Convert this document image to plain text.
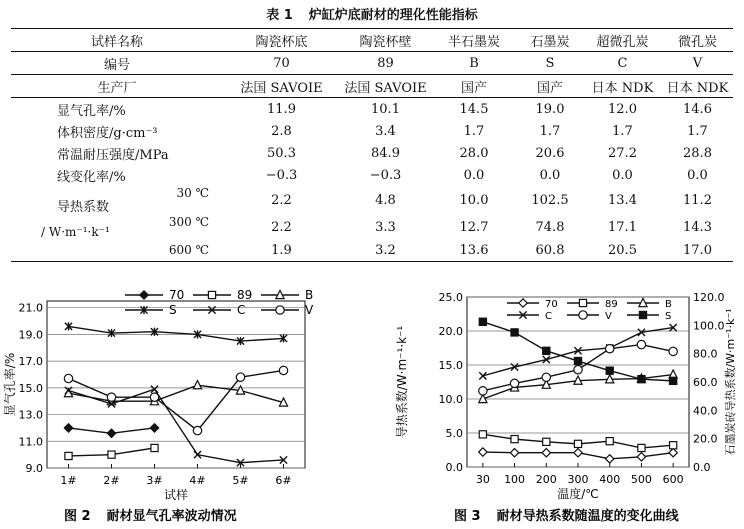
表 1 炉缸炉底耐材的理化性能指标
试样名称	陶瓷杯底	陶瓷杯壁	半石墨炭	石墨炭	超微孔炭	微孔炭
编号	70	89	B	S	C	V
生产厂	法国 SAVOIE	法国 SAVOIE	国产	国产	日本 NDK	日本 NDK
显气孔率/%	11.9	10.1	14.5	19.0	12.0	14.6
体积密度/g·cm⁻³	2.8	3.4	1.7	1.7	1.7	1.7
常温耐压强度/MPa	50.3	84.9	28.0	20.6	27.2	28.8
线变化率/%	−0.3	−0.3	0.0	0.0	0.0	0.0

导热系数
30 ℃	2.2	4.8	10.0	102.5	13.4	11.2

/ W·m⁻¹·k⁻¹
300 ℃	2.2	3.3	12.7	74.8	17.1	14.3
600 ℃	1.9	3.2	13.6	60.8	20.5	17.0
9.0
11.0
13.0
15.0
17.0
19.0
21.0
1# 2# 3# 4# 5# 6#
试样
显气孔率/%
70	89	B
S	C	V
图 2 耐材显气孔率波动情况
0.0
5.0
10.0
15.0
20.0
25.0
0.0
20.0
40.0
60.0
80.0
100.0
120.0
30 100 200 300 400 500 600
温度/℃
导热系数/W·m⁻¹·k⁻¹	石墨炭砖导热系数/W·m⁻¹·k⁻¹
70	89	B
C	V	S
图 3 耐材导热系数随温度的变化曲线
